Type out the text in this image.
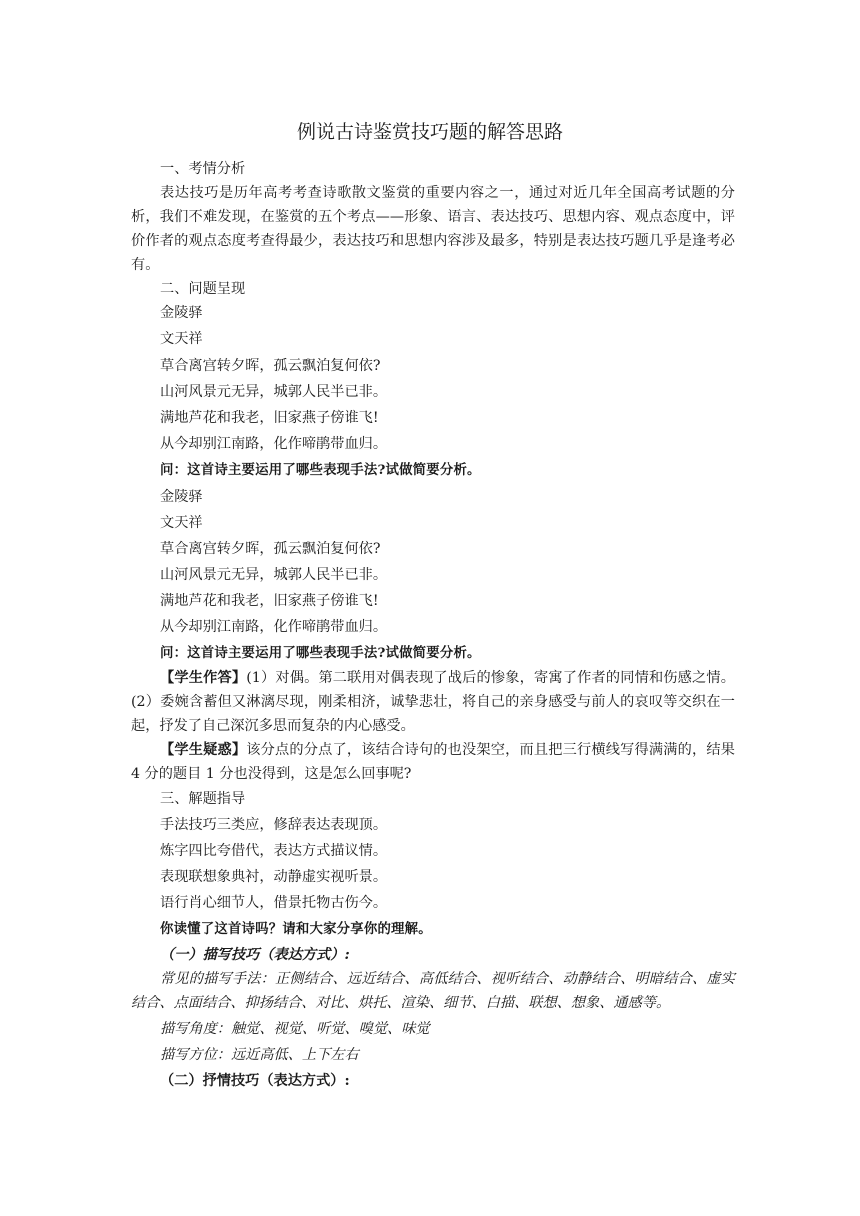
例说古诗鉴赏技巧题的解答思路
一、考情分析
表达技巧是历年高考考查诗歌散文鉴赏的重要内容之一，通过对近几年全国高考试题的分析，我们不难发现，在鉴赏的五个考点——形象、语言、表达技巧、思想内容、观点态度中，评价作者的观点态度考查得最少，表达技巧和思想内容涉及最多，特别是表达技巧题几乎是逢考必有。
二、问题呈现
金陵驿
文天祥
草合离宫转夕晖，孤云飘泊复何依?
山河风景元无异，城郭人民半已非。
满地芦花和我老，旧家燕子傍谁飞!
从今却别江南路，化作啼鹃带血归。
问：这首诗主要运用了哪些表现手法?试做简要分析。
金陵驿
文天祥
草合离宫转夕晖，孤云飘泊复何依?
山河风景元无异，城郭人民半已非。
满地芦花和我老，旧家燕子傍谁飞!
从今却别江南路，化作啼鹃带血归。
问：这首诗主要运用了哪些表现手法?试做简要分析。
【学生作答】(1）对偶。第二联用对偶表现了战后的惨象，寄寓了作者的同情和伤感之情。(2）委婉含蓄但又淋漓尽现，刚柔相济，诚挚悲壮，将自己的亲身感受与前人的哀叹等交织在一起，抒发了自己深沉多思而复杂的内心感受。
【学生疑惑】该分点的分点了，该结合诗句的也没架空，而且把三行横线写得满满的，结果 4 分的题目 1 分也没得到，这是怎么回事呢?
三、解题指导
手法技巧三类应，修辞表达表现顶。
炼字四比夸借代，表达方式描议情。
表现联想象典衬，动静虚实视听景。
语行肖心细节人，借景托物古伤今。
你读懂了这首诗吗？请和大家分享你的理解。
（一）描写技巧（表达方式）:
常见的描写手法：正侧结合、远近结合、高低结合、视听结合、动静结合、明暗结合、虚实结合、点面结合、抑扬结合、对比、烘托、渲染、细节、白描、联想、想象、通感等。
描写角度：触觉、视觉、听觉、嗅觉、味觉
描写方位：远近高低、上下左右
（二）抒情技巧（表达方式）:
